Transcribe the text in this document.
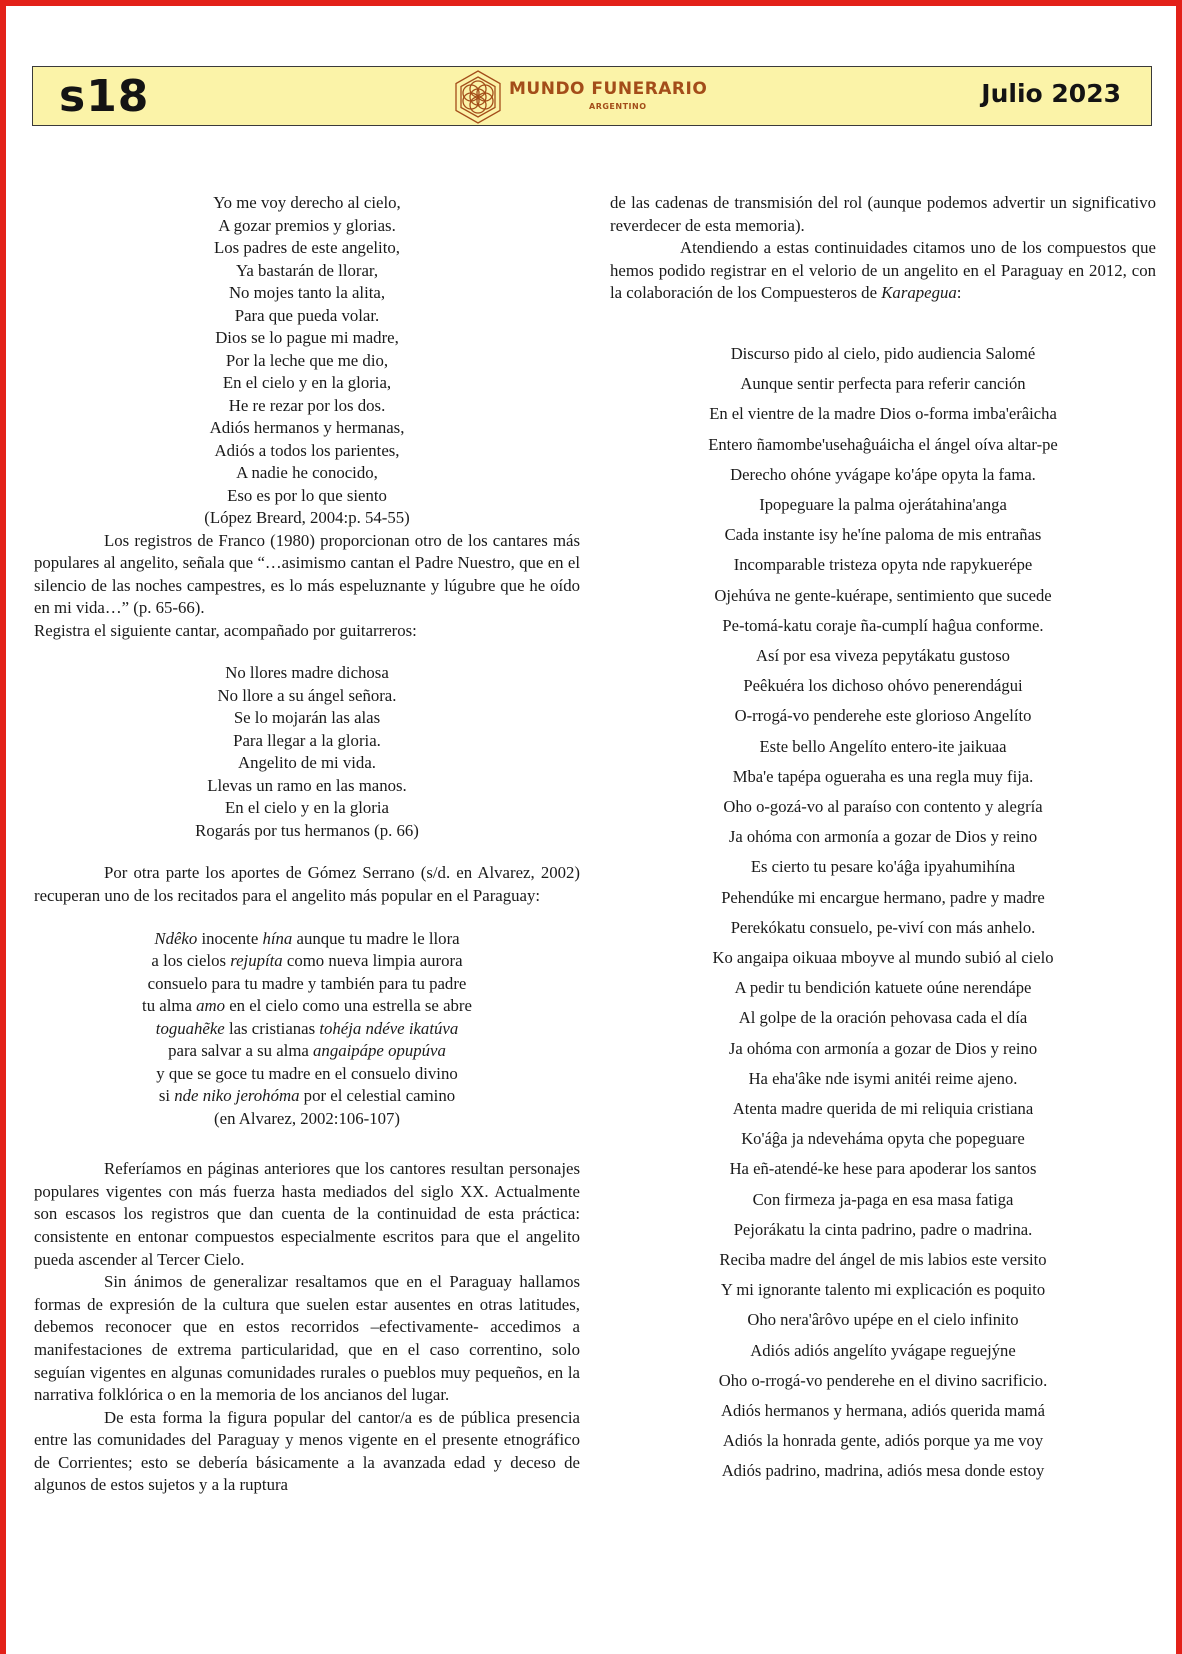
s18	MUNDO FUNERARIO
ARGENTINO	Julio 2023
Yo me voy derecho al cielo,
A gozar premios y glorias.
Los padres de este angelito,
Ya bastarán de llorar,
No mojes tanto la alita,
Para que pueda volar.
Dios se lo pague mi madre,
Por la leche que me dio,
En el cielo y en la gloria,
He re rezar por los dos.
Adiós hermanos y hermanas,
Adiós a todos los parientes,
A nadie he conocido,
Eso es por lo que siento
(López Breard, 2004:p. 54-55)

Los registros de Franco (1980) proporcionan otro de los cantares más populares al angelito, señala que “…asimismo cantan el Padre Nuestro, que en el silencio de las noches campestres, es lo más espeluznante y lúgubre que he oído en mi vida…” (p. 65-66).

Registra el siguiente cantar, acompañado por guitarreros:

No llores madre dichosa
No llore a su ángel señora.
Se lo mojarán las alas
Para llegar a la gloria.
Angelito de mi vida.
Llevas un ramo en las manos.
En el cielo y en la gloria
Rogarás por tus hermanos (p. 66)

Por otra parte los aportes de Gómez Serrano (s/d. en Alvarez, 2002) recuperan uno de los recitados para el angelito más popular en el Paraguay:

Ndêko inocente hína aunque tu madre le llora
a los cielos rejupíta como nueva limpia aurora
consuelo para tu madre y también para tu padre
tu alma amo en el cielo como una estrella se abre
toguahẽke las cristianas tohéja ndéve ikatúva
para salvar a su alma angaipápe opupúva
y que se goce tu madre en el consuelo divino
si nde niko jerohóma por el celestial camino
(en Alvarez, 2002:106-107)

Referíamos en páginas anteriores que los cantores resultan personajes populares vigentes con más fuerza hasta mediados del siglo XX. Actualmente son escasos los registros que dan cuenta de la continuidad de esta práctica: consistente en entonar compuestos especialmente escritos para que el angelito pueda ascender al Tercer Cielo.

Sin ánimos de generalizar resaltamos que en el Paraguay hallamos formas de expresión de la cultura que suelen estar ausentes en otras latitudes, debemos reconocer que en estos recorridos –efectivamente- accedimos a manifestaciones de extrema particularidad, que en el caso correntino, solo seguían vigentes en algunas comunidades rurales o pueblos muy pequeños, en la narrativa folklórica o en la memoria de los ancianos del lugar.

De esta forma la figura popular del cantor/a es de pública presencia entre las comunidades del Paraguay y menos vigente en el presente etnográfico de Corrientes; esto se debería básicamente a la avanzada edad y deceso de algunos de estos sujetos y a la ruptura

de las cadenas de transmisión del rol (aunque podemos advertir un significativo reverdecer de esta memoria).

Atendiendo a estas continuidades citamos uno de los compuestos que hemos podido registrar en el velorio de un angelito en el Paraguay en 2012, con la colaboración de los Compuesteros de Karapegua:

Discurso pido al cielo, pido audiencia Salomé
Aunque sentir perfecta para referir canción
En el vientre de la madre Dios o-forma imba'erâicha
Entero ñamombe'usehaĝuáicha el ángel oíva altar-pe
Derecho ohóne yvágape ko'ápe opyta la fama.
Ipopeguare la palma ojerátahina'anga
Cada instante isy he'íne paloma de mis entrañas
Incomparable tristeza opyta nde rapykuerépe
Ojehúva ne gente-kuérape, sentimiento que sucede
Pe-tomá-katu coraje ña-cumplí haĝua conforme.
Así por esa viveza pepytákatu gustoso
Peêkuéra los dichoso ohóvo penerendágui
O-rrogá-vo penderehe este glorioso Angelíto
Este bello Angelíto entero-ite jaikuaa
Mba'e tapépa ogueraha es una regla muy fija.
Oho o-gozá-vo al paraíso con contento y alegría
Ja ohóma con armonía a gozar de Dios y reino
Es cierto tu pesare ko'áĝa ipyahumihína
Pehendúke mi encargue hermano, padre y madre
Perekókatu consuelo, pe-viví con más anhelo.
Ko angaipa oikuaa mboyve al mundo subió al cielo
A pedir tu bendición katuete oúne nerendápe
Al golpe de la oración pehovasa cada el día
Ja ohóma con armonía a gozar de Dios y reino
Ha eha'âke nde isymi anitéi reime ajeno.
Atenta madre querida de mi reliquia cristiana
Ko'áĝa ja ndevehámа opyta che popeguare
Ha eñ-atendé-ke hese para apoderar los santos
Con firmeza ja-paga en esa masa fatiga
Pejorákatu la cinta padrino, padre o madrina.
Reciba madre del ángel de mis labios este versito
Y mi ignorante talento mi explicación es poquito
Oho nera'ârôvo upépe en el cielo infinito
Adiós adiós angelíto yvágape reguejýne
Oho o-rrogá-vo penderehe en el divino sacrificio.
Adiós hermanos y hermana, adiós querida mamá
Adiós la honrada gente, adiós porque ya me voy
Adiós padrino, madrina, adiós mesa donde estoy
